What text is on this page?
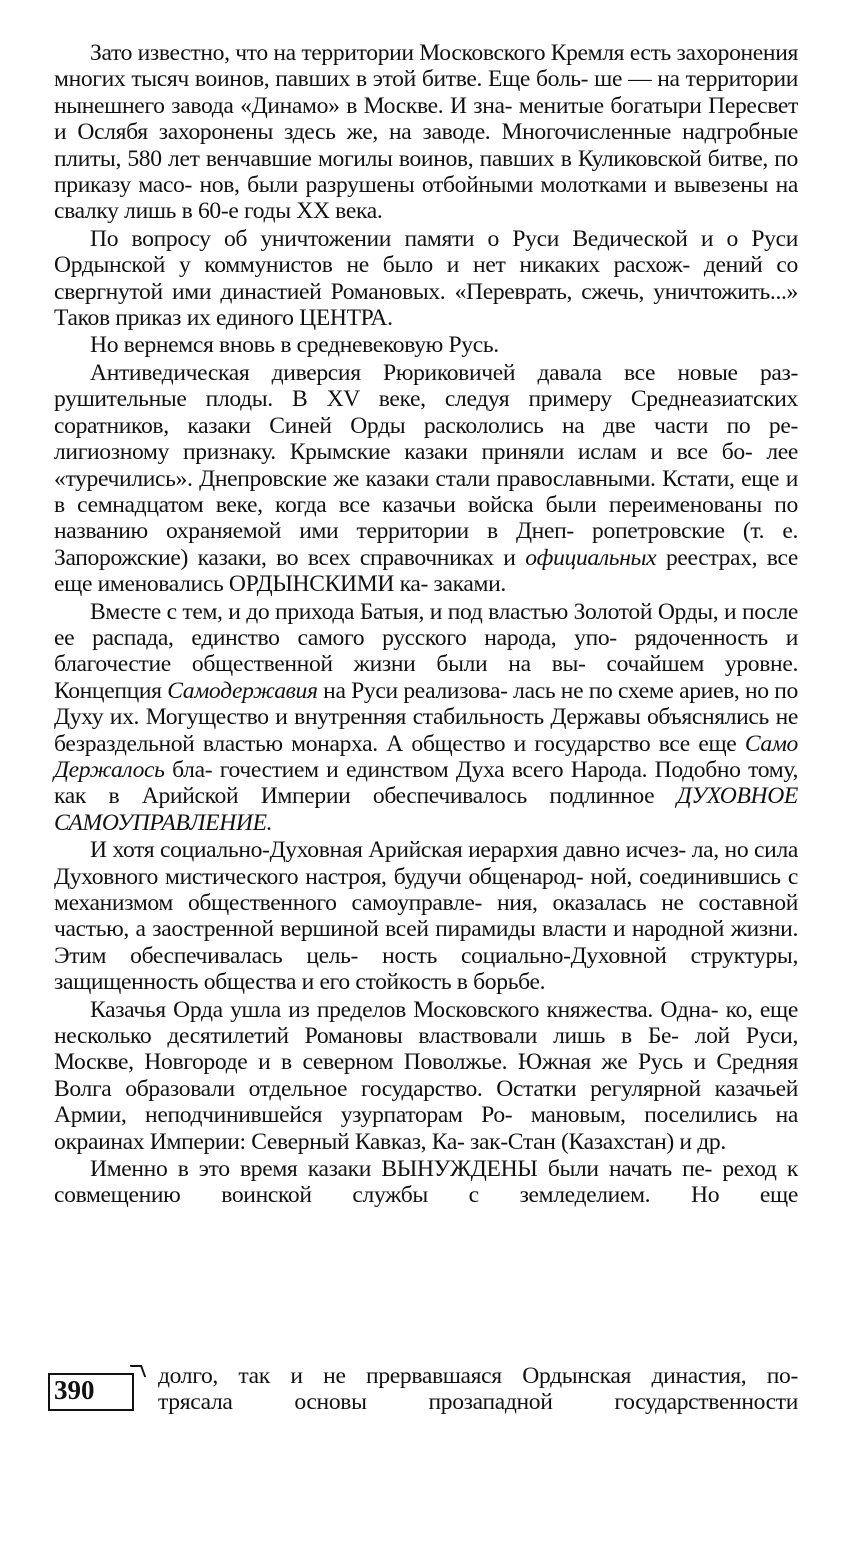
Зато известно, что на территории Московского Кремля есть захоронения многих тысяч воинов, павших в этой битве. Еще боль- ше — на территории нынешнего завода «Динамо» в Москве. И зна- менитые богатыри Пересвет и Ослябя захоронены здесь же, на заводе. Многочисленные надгробные плиты, 580 лет венчавшие могилы воинов, павших в Куликовской битве, по приказу масо- нов, были разрушены отбойными молотками и вывезены на свалку лишь в 60-е годы XX века.

По вопросу об уничтожении памяти о Руси Ведической и о Руси Ордынской у коммунистов не было и нет никаких расхож- дений со свергнутой ими династией Романовых. «Переврать, сжечь, уничтожить...» Таков приказ их единого ЦЕНТРА.

Но вернемся вновь в средневековую Русь.

Антиведическая диверсия Рюриковичей давала все новые раз- рушительные плоды. В XV веке, следуя примеру Среднеазиатских соратников, казаки Синей Орды раскололись на две части по ре- лигиозному признаку. Крымские казаки приняли ислам и все бо- лее «туречились». Днепровские же казаки стали православными. Кстати, еще и в семнадцатом веке, когда все казачьи войска были переименованы по названию охраняемой ими территории в Днеп- ропетровские (т. е. Запорожские) казаки, во всех справочниках и официальных реестрах, все еще именовались ОРДЫНСКИМИ ка- заками.

Вместе с тем, и до прихода Батыя, и под властью Золотой Орды, и после ее распада, единство самого русского народа, упо- рядоченность и благочестие общественной жизни были на вы- сочайшем уровне. Концепция Самодержавия на Руси реализова- лась не по схеме ариев, но по Духу их. Могущество и внутренняя стабильность Державы объяснялись не безраздельной властью монарха. А общество и государство все еще Само Держалось бла- гочестием и единством Духа всего Народа. Подобно тому, как в Арийской Империи обеспечивалось подлинное ДУХОВНОЕ САМОУПРАВЛЕНИЕ.

И хотя социально-Духовная Арийская иерархия давно исчез- ла, но сила Духовного мистического настроя, будучи общенарод- ной, соединившись с механизмом общественного самоуправле- ния, оказалась не составной частью, а заостренной вершиной всей пирамиды власти и народной жизни. Этим обеспечивалась цель- ность социально-Духовной структуры, защищенность общества и его стойкость в борьбе.

Казачья Орда ушла из пределов Московского княжества. Одна- ко, еще несколько десятилетий Романовы властвовали лишь в Бе- лой Руси, Москве, Новгороде и в северном Поволжье. Южная же Русь и Средняя Волга образовали отдельное государство. Остатки регулярной казачьей Армии, неподчинившейся узурпаторам Ро- мановым, поселились на окраинах Империи: Северный Кавказ, Ка- зак-Стан (Казахстан) и др.

Именно в это время казаки ВЫНУЖДЕНЫ были начать пе- реход к совмещению воинской службы с земледелием. Но еще

390	долго, так и не прервавшаяся Ордынская династия, по-
трясала основы прозападной государственности
